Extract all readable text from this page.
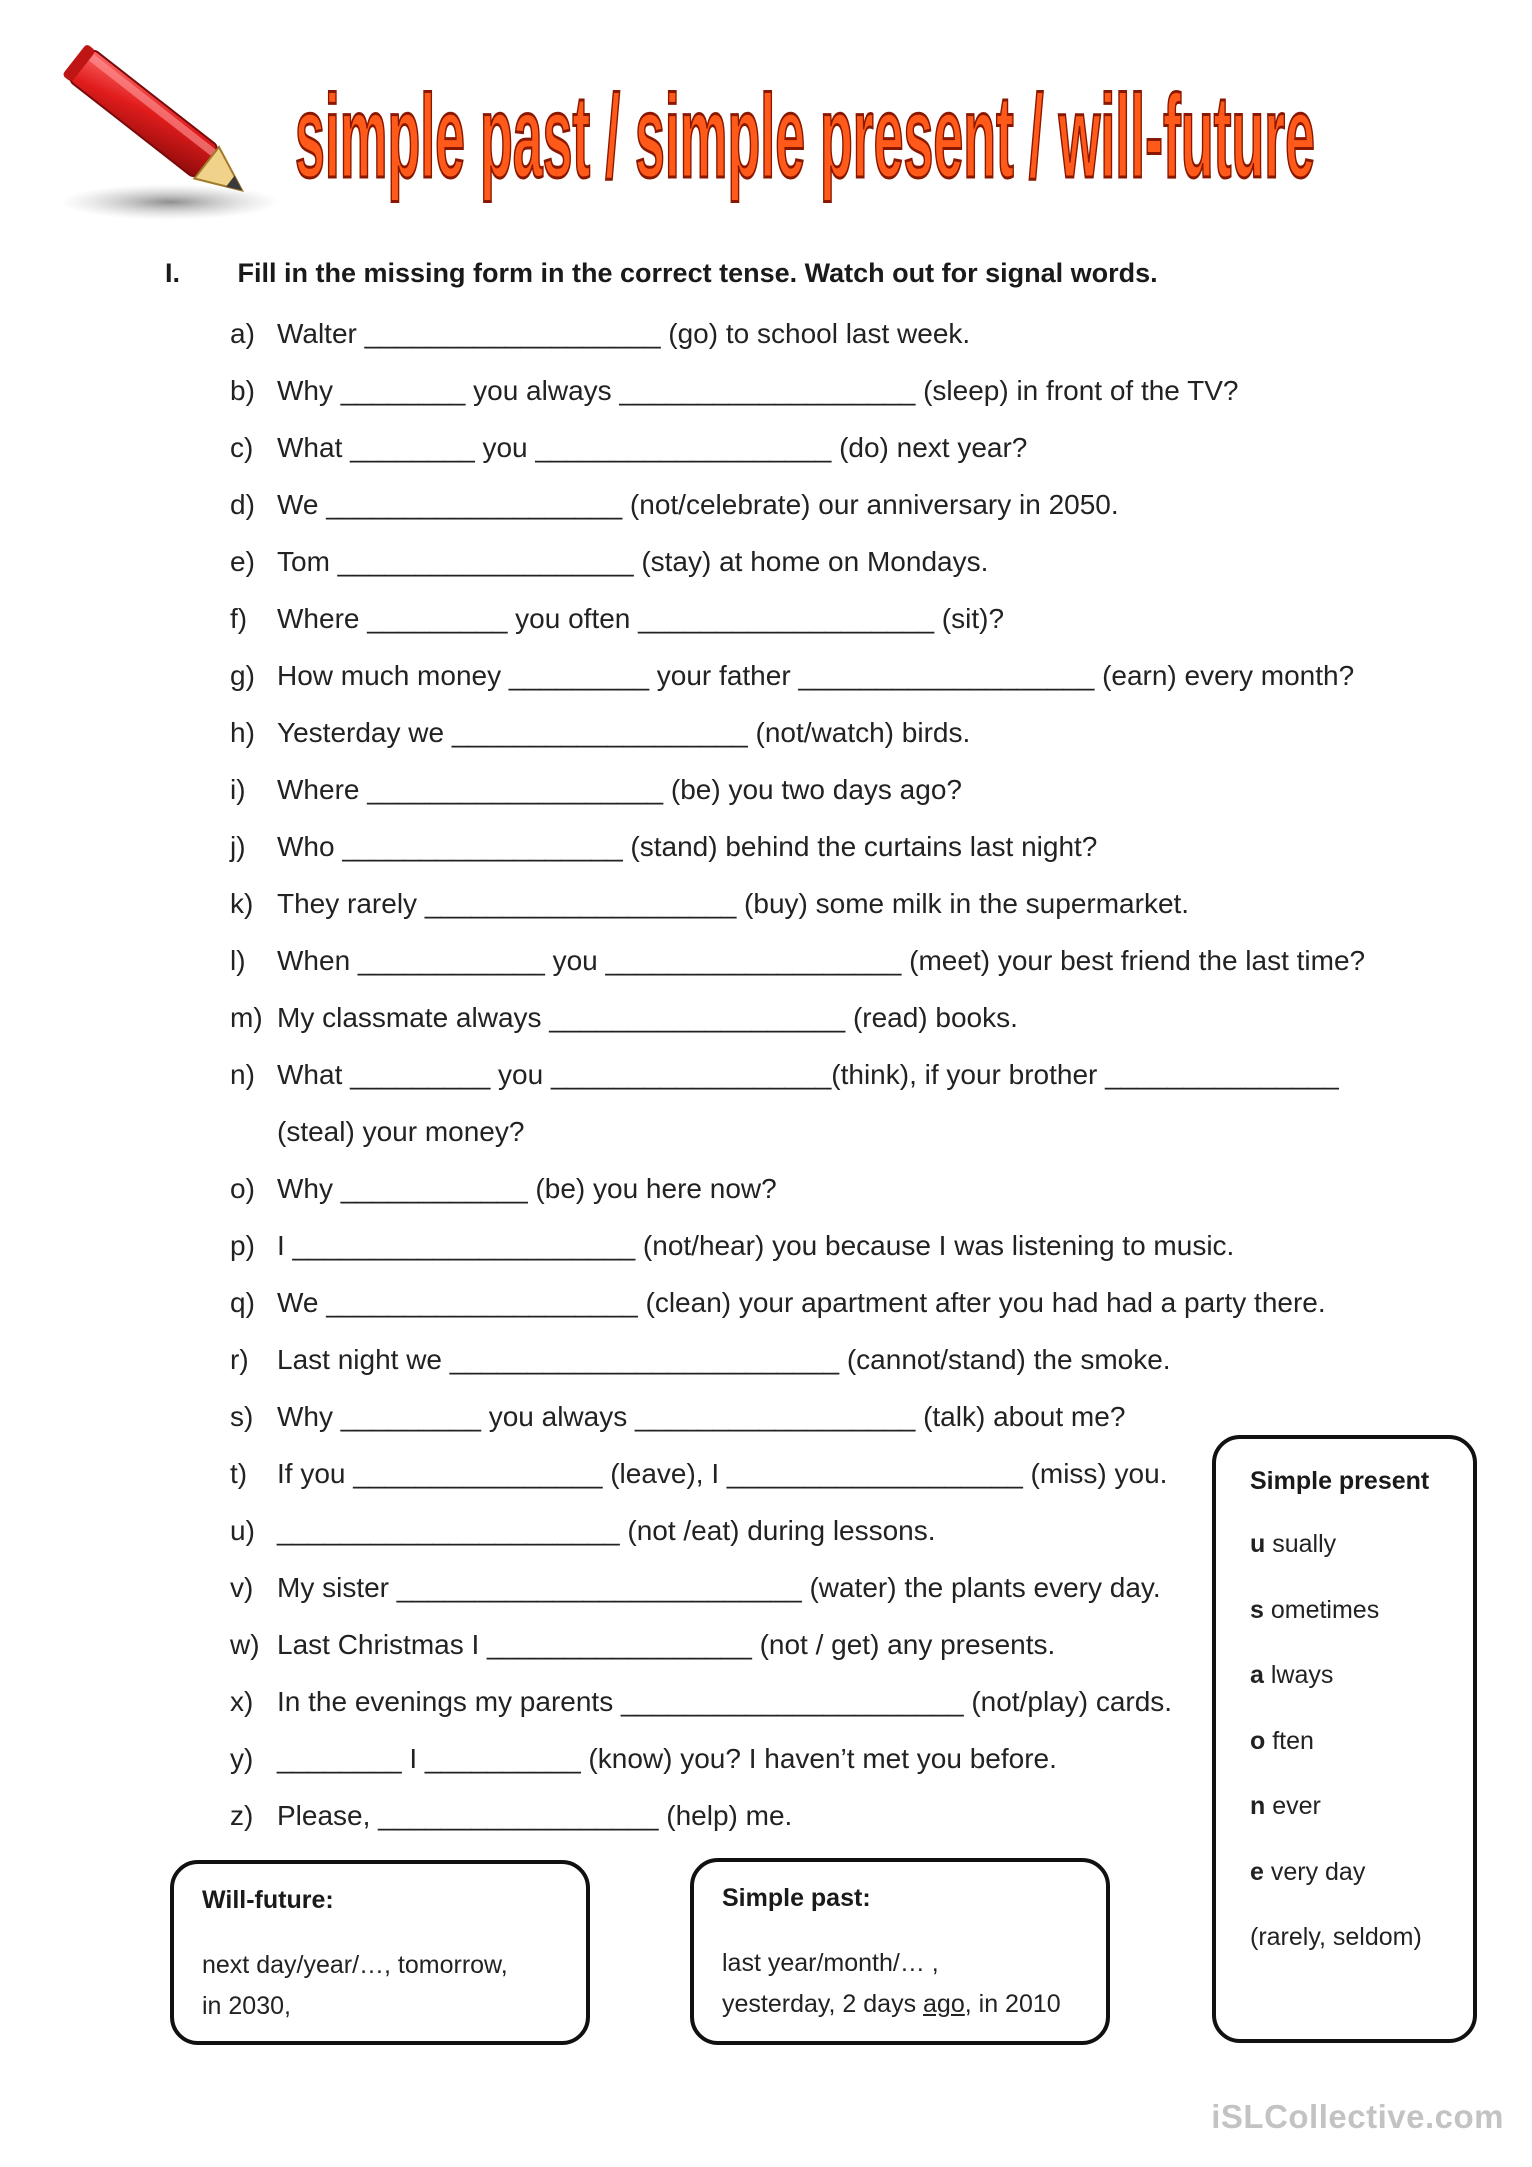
simple past / simple present / will-future
I. Fill in the missing form in the correct tense. Watch out for signal words.
a) Walter ___________________ (go) to school last week.
b) Why ________ you always ___________________ (sleep) in front of the TV?
c) What ________ you ___________________ (do) next year?
d) We ___________________ (not/celebrate) our anniversary in 2050.
e) Tom ___________________ (stay) at home on Mondays.
f) Where _________ you often ___________________ (sit)?
g) How much money _________ your father ___________________ (earn) every month?
h) Yesterday we ___________________ (not/watch) birds.
i) Where ___________________ (be) you two days ago?
j) Who __________________ (stand) behind the curtains last night?
k) They rarely ____________________ (buy) some milk in the supermarket.
l) When ____________ you ___________________ (meet) your best friend the last time?
m) My classmate always ___________________ (read) books.
n) What _________ you __________________(think), if your brother _______________
(steal) your money?
o) Why ____________ (be) you here now?
p) I ______________________ (not/hear) you because I was listening to music.
q) We ____________________ (clean) your apartment after you had had a party there.
r) Last night we _________________________ (cannot/stand) the smoke.
s) Why _________ you always __________________ (talk) about me?
t) If you ________________ (leave), I ___________________ (miss) you.
u) ______________________ (not /eat) during lessons.
v) My sister __________________________ (water) the plants every day.
w) Last Christmas I _________________ (not / get) any presents.
x) In the evenings my parents ______________________ (not/play) cards.
y) ________ I __________ (know) you? I haven’t met you before.
z) Please, __________________ (help) me.
Will-future:
next day/year/…, tomorrow,
in 2030,
Simple past:
last year/month/… ,
yesterday, 2 days ago, in 2010
Simple present
u sually
s ometimes
a lways
o ften
n ever
e very day
(rarely, seldom)
iSLCollective.com
